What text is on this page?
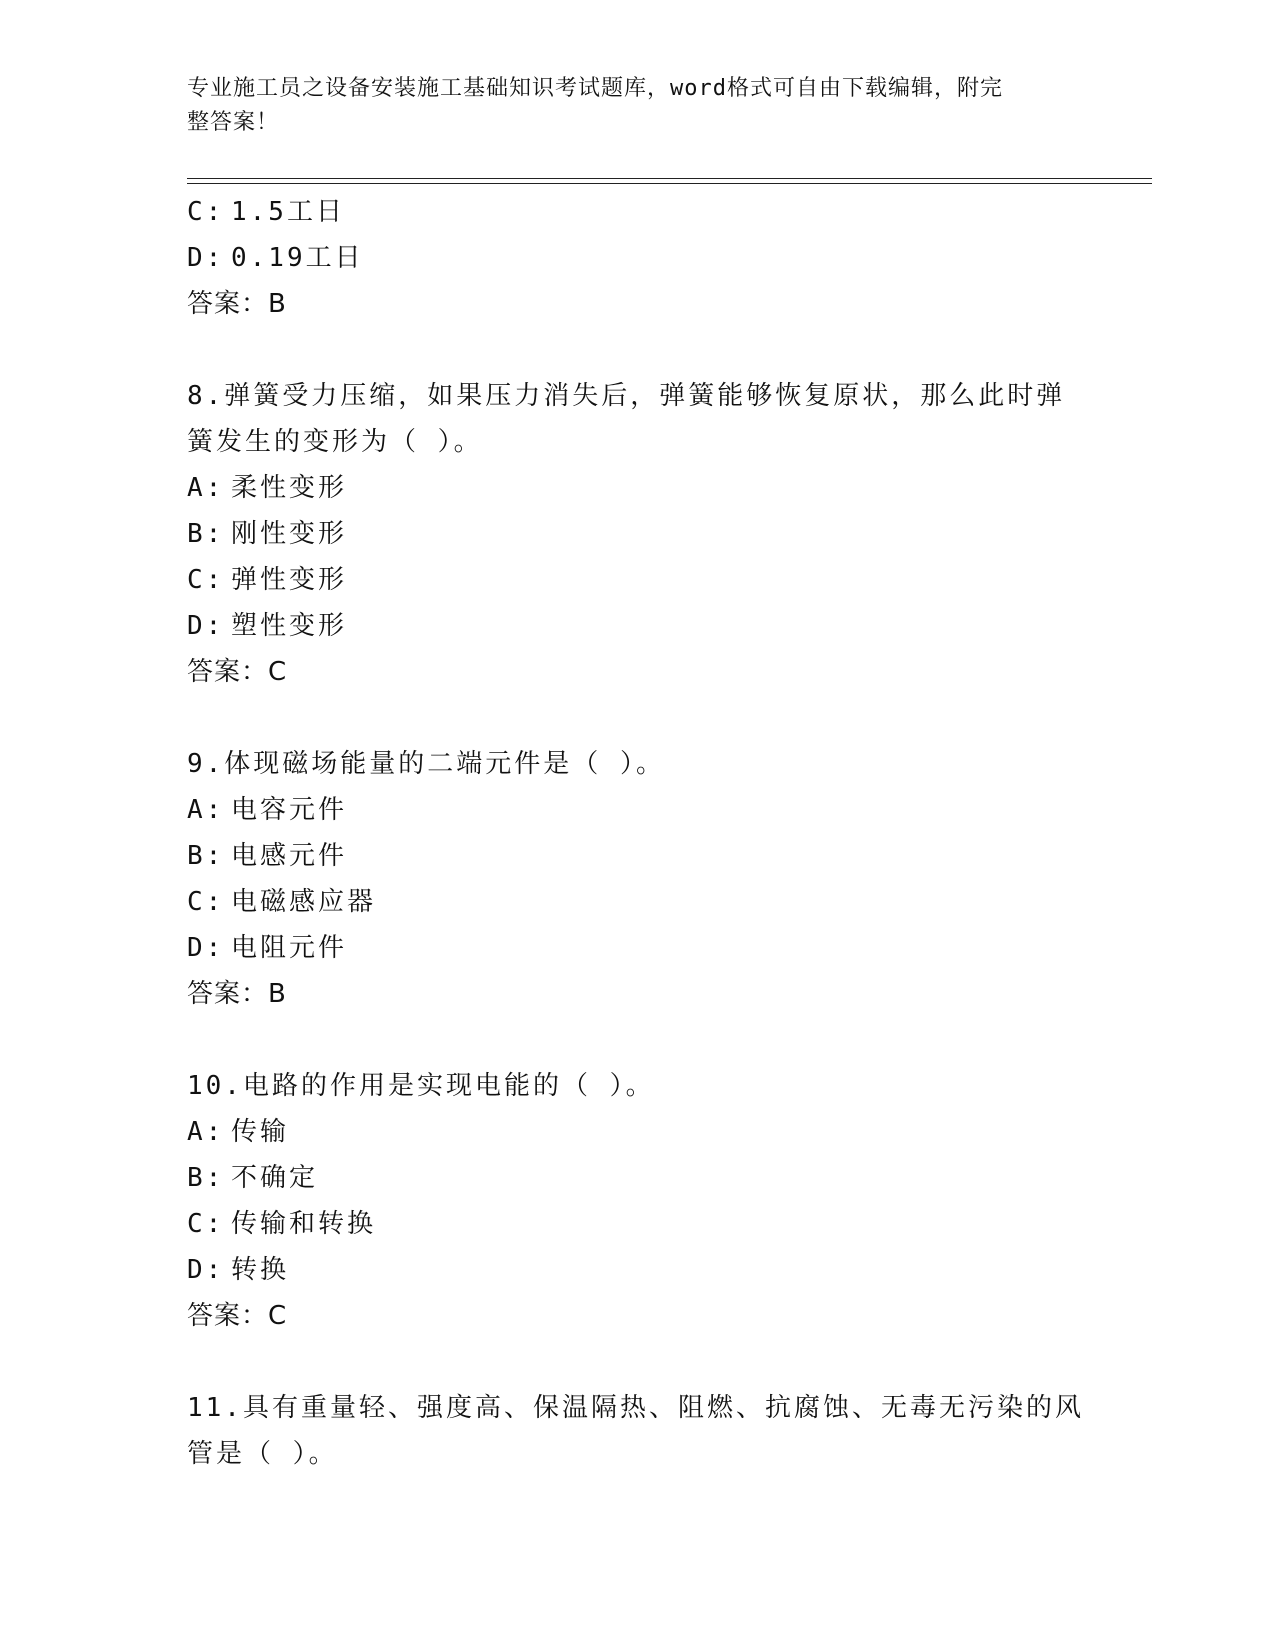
专业施工员之设备安装施工基础知识考试题库，word格式可自由下载编辑，附完
整答案！
C: 1.5工日
D: 0.19工日
答案：B
8.弹簧受力压缩，如果压力消失后，弹簧能够恢复原状，那么此时弹
簧发生的变形为（ ）。
A: 柔性变形
B: 刚性变形
C: 弹性变形
D: 塑性变形
答案：C
9.体现磁场能量的二端元件是（ ）。
A: 电容元件
B: 电感元件
C: 电磁感应器
D: 电阻元件
答案：B
10.电路的作用是实现电能的（ ）。
A: 传输
B: 不确定
C: 传输和转换
D: 转换
答案：C
11.具有重量轻、强度高、保温隔热、阻燃、抗腐蚀、无毒无污染的风
管是（ ）。
